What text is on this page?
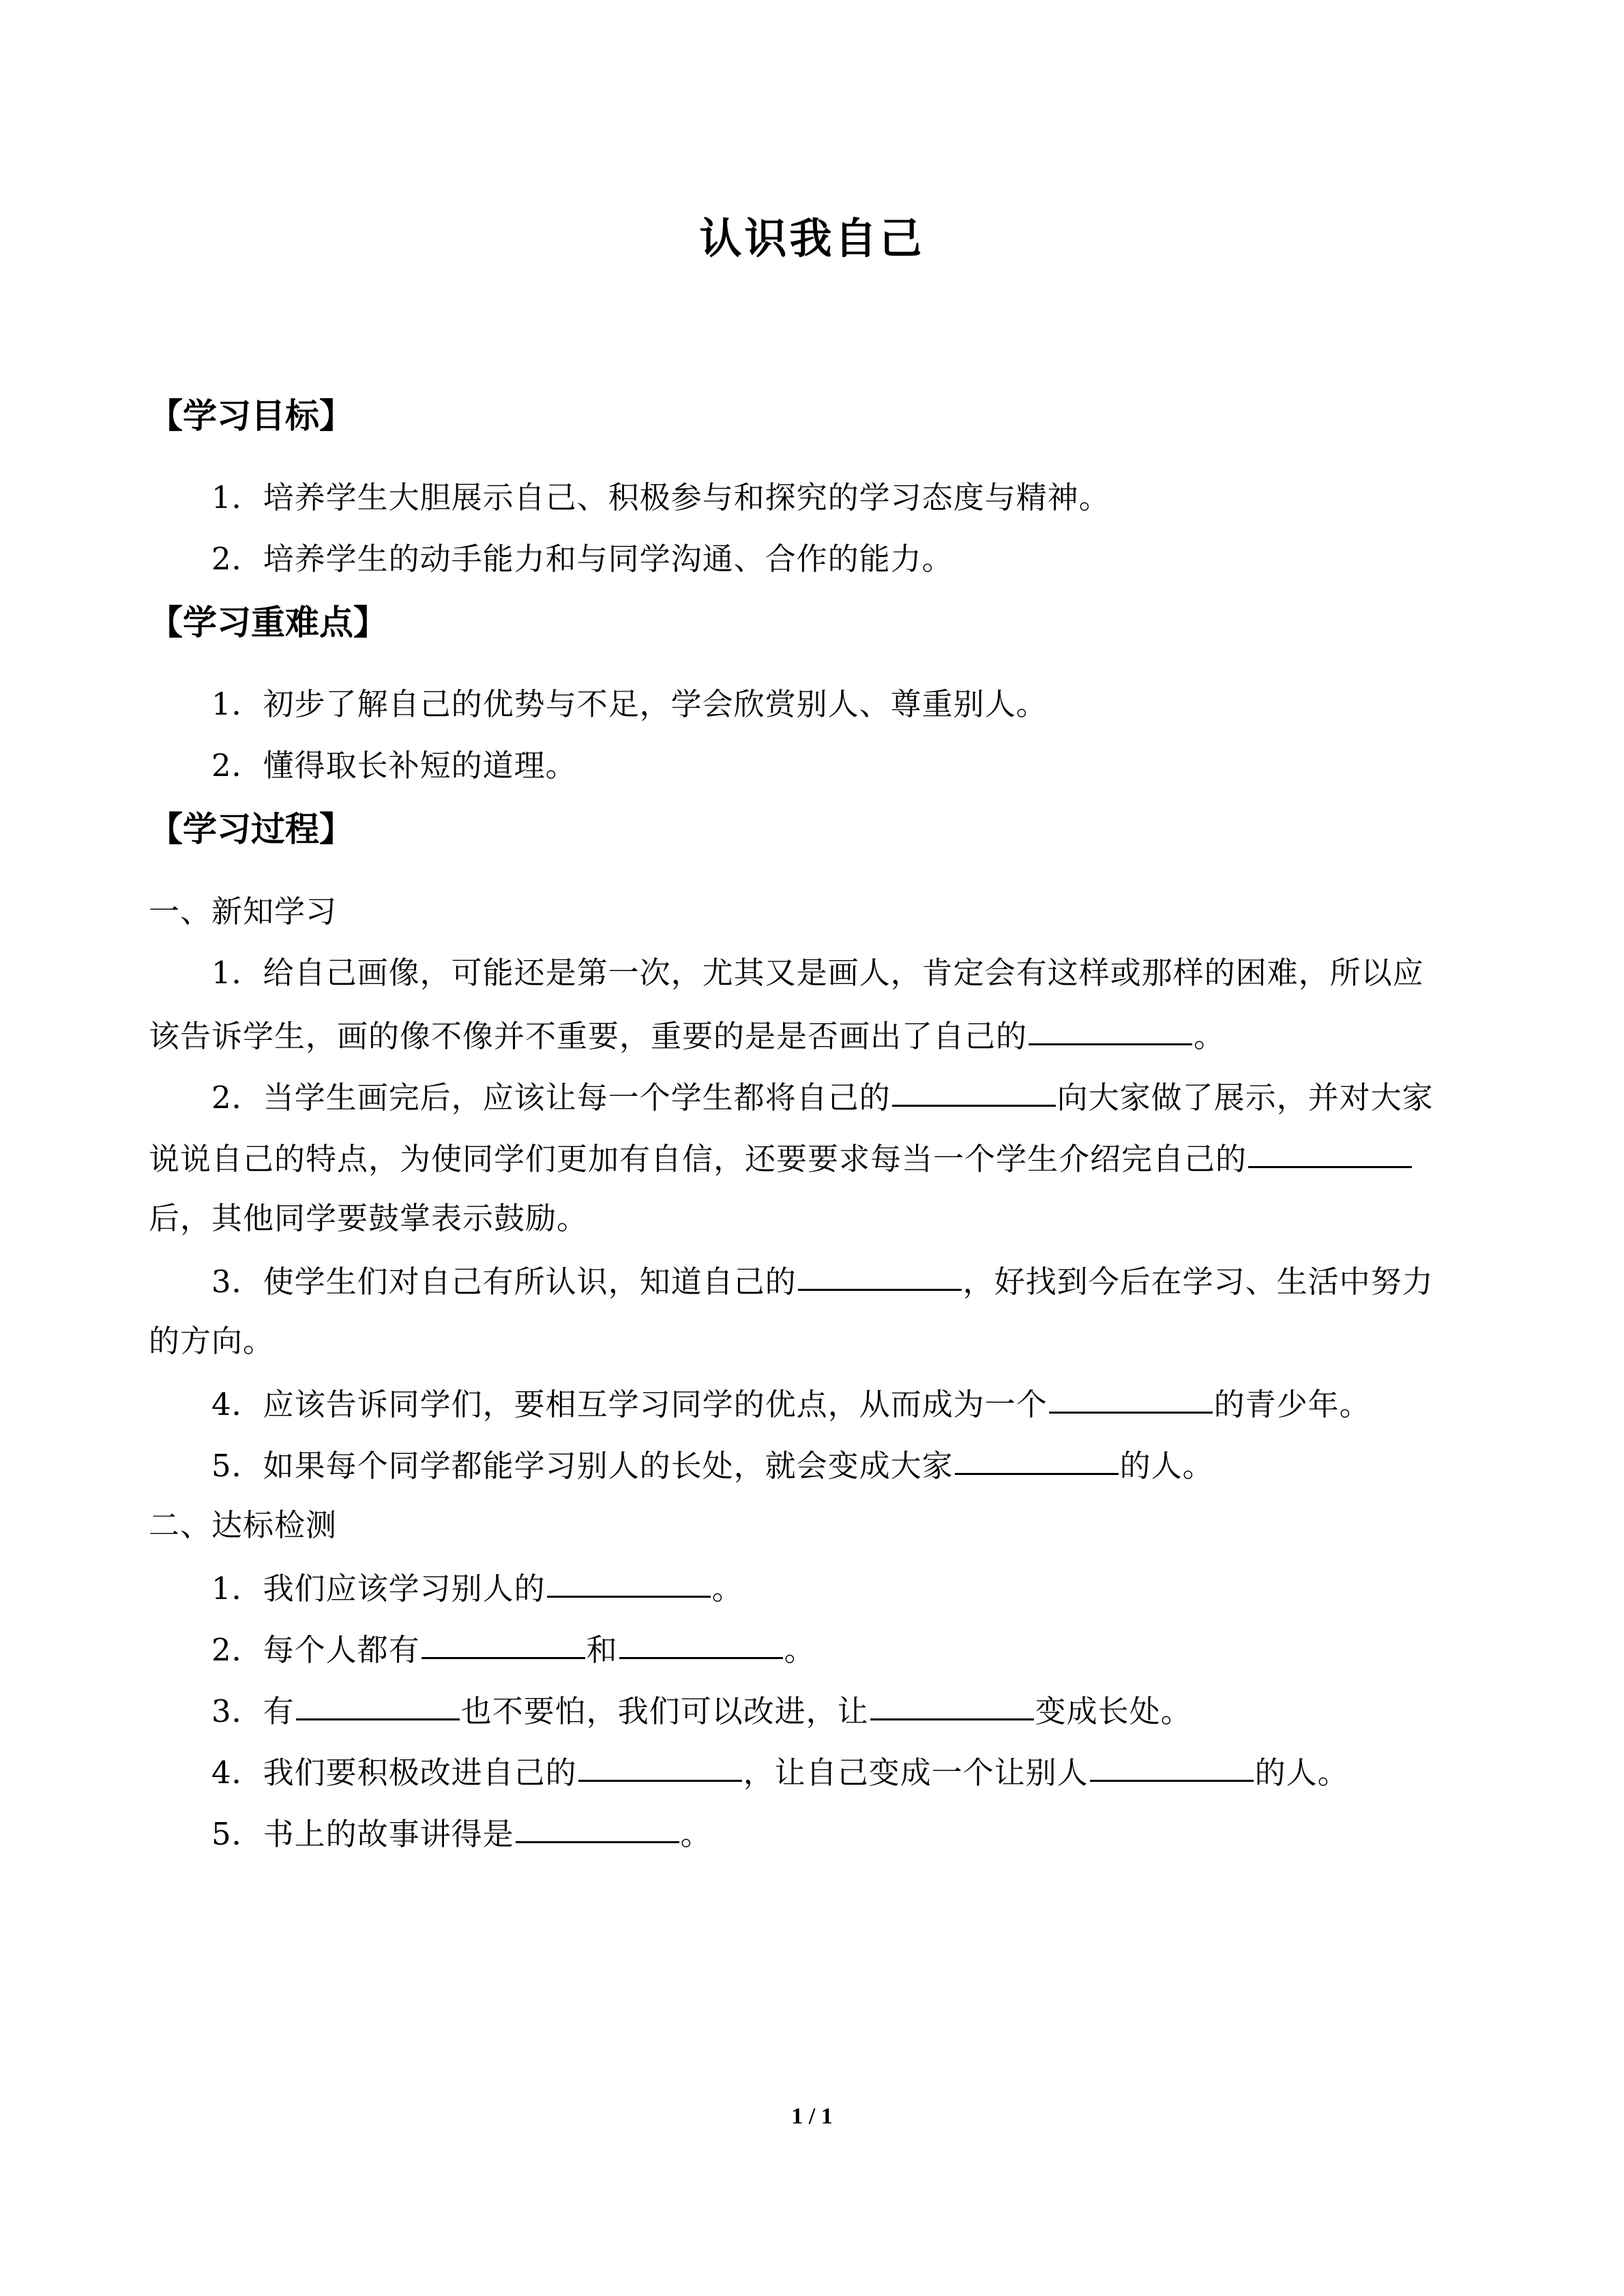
认识我自己
【学习目标】
1．培养学生大胆展示自己、积极参与和探究的学习态度与精神。
2．培养学生的动手能力和与同学沟通、合作的能力。
【学习重难点】
1．初步了解自己的优势与不足，学会欣赏别人、尊重别人。
2．懂得取长补短的道理。
【学习过程】
一、新知学习
1．给自己画像，可能还是第一次，尤其又是画人，肯定会有这样或那样的困难，所以应
该告诉学生，画的像不像并不重要，重要的是是否画出了自己的	。
2．当学生画完后，应该让每一个学生都将自己的	向大家做了展示，并对大家
说说自己的特点，为使同学们更加有自信，还要要求每当一个学生介绍完自己的
后，其他同学要鼓掌表示鼓励。
3．使学生们对自己有所认识，知道自己的	，好找到今后在学习、生活中努力
的方向。
4．应该告诉同学们，要相互学习同学的优点，从而成为一个	的青少年。
5．如果每个同学都能学习别人的长处，就会变成大家	的人。
二、达标检测
1．我们应该学习别人的	。
2．每个人都有	和	。
3．有	也不要怕，我们可以改进，让	变成长处。
4．我们要积极改进自己的	，让自己变成一个让别人	的人。
5．书上的故事讲得是	。
1 / 1
